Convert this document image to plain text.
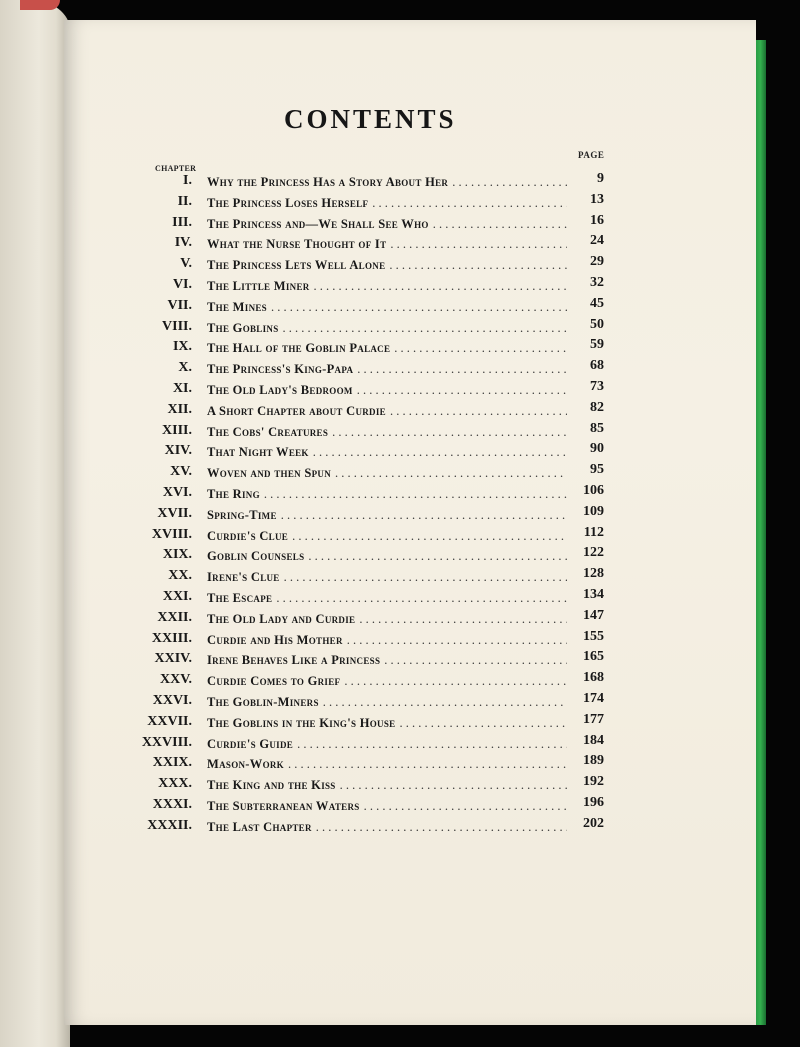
CONTENTS
PAGE
CHAPTER
I. Why the Princess Has a Story About Her . . .	9
II. The Princess Loses Herself . . .	13
III. The Princess and—We Shall See Who . . .	16
IV. What the Nurse Thought of It . . .	24
V. The Princess Lets Well Alone . . .	29
VI. The Little Miner . . .	32
VII. The Mines . . .	45
VIII. The Goblins . . .	50
IX. The Hall of the Goblin Palace . . .	59
X. The Princess's King-Papa . . .	68
XI. The Old Lady's Bedroom . . .	73
XII. A Short Chapter about Curdie . . .	82
XIII. The Cobs' Creatures . . .	85
XIV. That Night Week . . .	90
XV. Woven and then Spun . . .	95
XVI. The Ring . . .	106
XVII. Spring-Time . . .	109
XVIII. Curdie's Clue . . .	112
XIX. Goblin Counsels . . .	122
XX. Irene's Clue . . .	128
XXI. The Escape . . .	134
XXII. The Old Lady and Curdie . . .	147
XXIII. Curdie and His Mother . . .	155
XXIV. Irene Behaves Like a Princess . . .	165
XXV. Curdie Comes to Grief . . .	168
XXVI. The Goblin-Miners . . .	174
XXVII. The Goblins in the King's House . . .	177
XXVIII. Curdie's Guide . . .	184
XXIX. Mason-Work . . .	189
XXX. The King and the Kiss . . .	192
XXXI. The Subterranean Waters . . .	196
XXXII. The Last Chapter . . .	202
